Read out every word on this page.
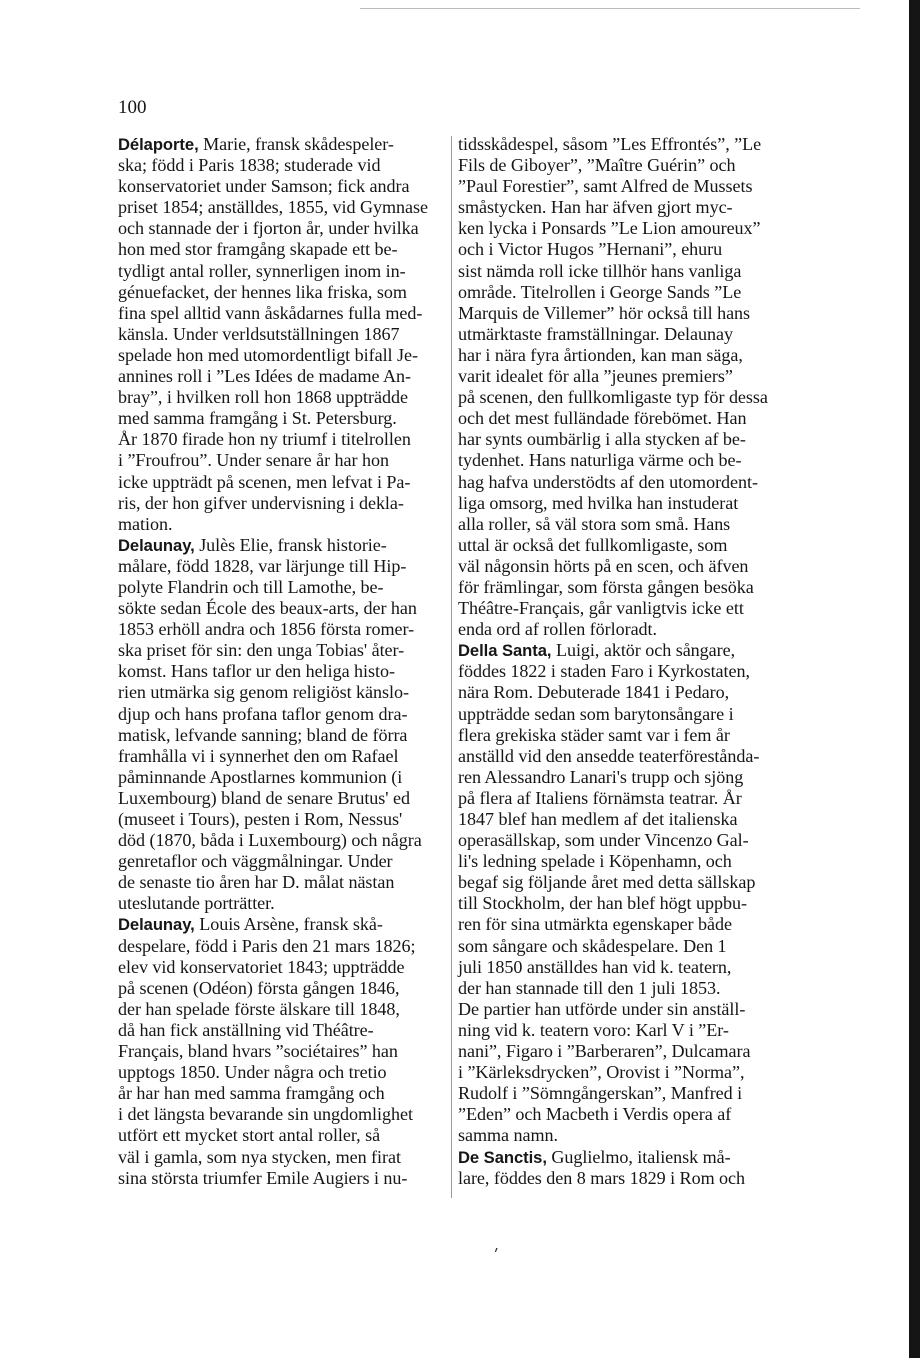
100
Délaporte, Marie, fransk skådespeler-
ska; född i Paris 1838; studerade vid
konservatoriet under Samson; fick andra
priset 1854; anställdes, 1855, vid Gymnase
och stannade der i fjorton år, under hvilka
hon med stor framgång skapade ett be-
tydligt antal roller, synnerligen inom in-
génuefacket, der hennes lika friska, som
fina spel alltid vann åskådarnes fulla med-
känsla. Under verldsutställningen 1867
spelade hon med utomordentligt bifall Je-
annines roll i ”Les Idées de madame An-
bray”, i hvilken roll hon 1868 uppträdde
med samma framgång i St. Petersburg.
År 1870 firade hon ny triumf i titelrollen
i ”Froufrou”. Under senare år har hon
icke uppträdt på scenen, men lefvat i Pa-
ris, der hon gifver undervisning i dekla-
mation.
Delaunay, Julès Elie, fransk historie-
målare, född 1828, var lärjunge till Hip-
polyte Flandrin och till Lamothe, be-
sökte sedan École des beaux-arts, der han
1853 erhöll andra och 1856 första romer-
ska priset för sin: den unga Tobias' åter-
komst. Hans taflor ur den heliga histo-
rien utmärka sig genom religiöst känslo-
djup och hans profana taflor genom dra-
matisk, lefvande sanning; bland de förra
framhålla vi i synnerhet den om Rafael
påminnande Apostlarnes kommunion (i
Luxembourg) bland de senare Brutus' ed
(museet i Tours), pesten i Rom, Nessus'
död (1870, båda i Luxembourg) och några
genretaflor och väggmålningar. Under
de senaste tio åren har D. målat nästan
uteslutande porträtter.
Delaunay, Louis Arsène, fransk skå-
despelare, född i Paris den 21 mars 1826;
elev vid konservatoriet 1843; uppträdde
på scenen (Odéon) första gången 1846,
der han spelade förste älskare till 1848,
då han fick anställning vid Théâtre-
Français, bland hvars ”sociétaires” han
upptogs 1850. Under några och tretio
år har han med samma framgång och
i det längsta bevarande sin ungdomlighet
utfört ett mycket stort antal roller, så
väl i gamla, som nya stycken, men firat
sina största triumfer Emile Augiers i nu-
tidsskådespel, såsom ”Les Effrontés”, ”Le
Fils de Giboyer”, ”Maître Guérin” och
”Paul Forestier”, samt Alfred de Mussets
småstycken. Han har äfven gjort myc-
ken lycka i Ponsards ”Le Lion amoureux”
och i Victor Hugos ”Hernani”, ehuru
sist nämda roll icke tillhör hans vanliga
område. Titelrollen i George Sands ”Le
Marquis de Villemer” hör också till hans
utmärktaste framställningar. Delaunay
har i nära fyra årtionden, kan man säga,
varit idealet för alla ”jeunes premiers”
på scenen, den fullkomligaste typ för dessa
och det mest fulländade förebömet. Han
har synts oumbärlig i alla stycken af be-
tydenhet. Hans naturliga värme och be-
hag hafva understödts af den utomordent-
liga omsorg, med hvilka han instuderat
alla roller, så väl stora som små. Hans
uttal är också det fullkomligaste, som
väl någonsin hörts på en scen, och äfven
för främlingar, som första gången besöka
Théâtre-Français, går vanligtvis icke ett
enda ord af rollen förloradt.
Della Santa, Luigi, aktör och sångare,
föddes 1822 i staden Faro i Kyrkostaten,
nära Rom. Debuterade 1841 i Pedaro,
uppträdde sedan som barytonsångare i
flera grekiska städer samt var i fem år
anställd vid den ansedde teaterförestånda-
ren Alessandro Lanari's trupp och sjöng
på flera af Italiens förnämsta teatrar. År
1847 blef han medlem af det italienska
operasällskap, som under Vincenzo Gal-
li's ledning spelade i Köpenhamn, och
begaf sig följande året med detta sällskap
till Stockholm, der han blef högt uppbu-
ren för sina utmärkta egenskaper både
som sångare och skådespelare. Den 1
juli 1850 anställdes han vid k. teatern,
der han stannade till den 1 juli 1853.
De partier han utförde under sin anställ-
ning vid k. teatern voro: Karl V i ”Er-
nani”, Figaro i ”Barberaren”, Dulcamara
i ”Kärleksdrycken”, Orovist i ”Norma”,
Rudolf i ”Sömngångerskan”, Manfred i
”Eden” och Macbeth i Verdis opera af
samma namn.
De Sanctis, Guglielmo, italiensk må-
lare, föddes den 8 mars 1829 i Rom och
ʹ
